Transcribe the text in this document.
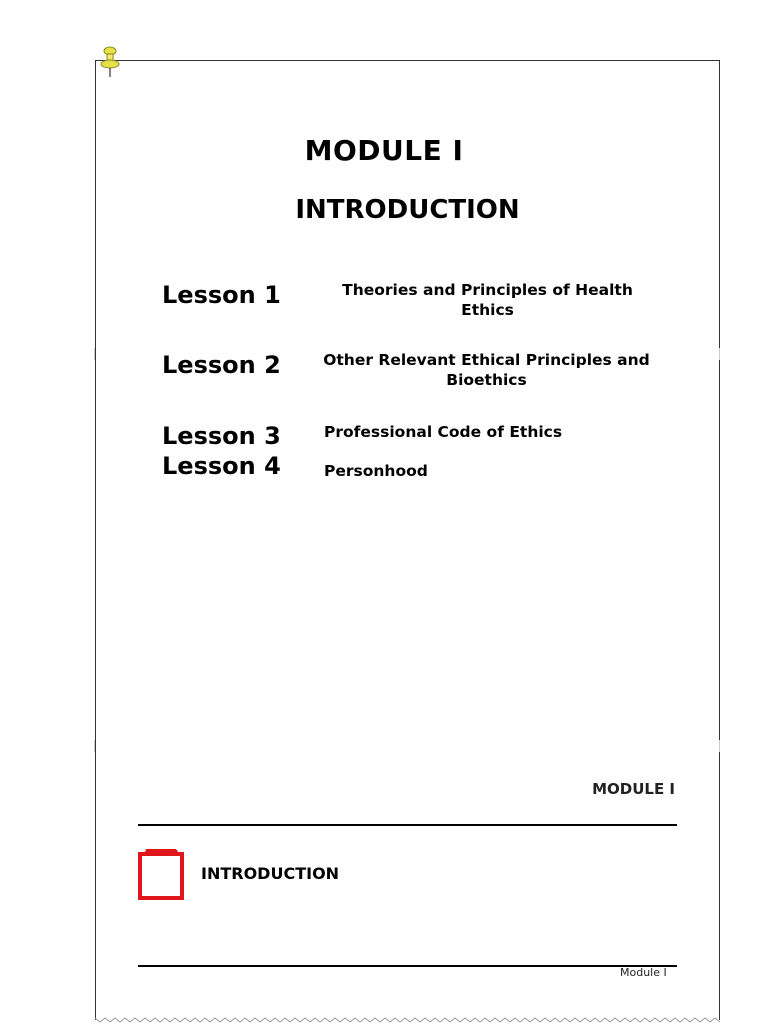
MODULE I
INTRODUCTION
Lesson 1	Theories and Principles of Health
Ethics
Lesson 2	Other Relevant Ethical Principles and
Bioethics
Lesson 3	Professional Code of Ethics
Lesson 4	Personhood
MODULE I
INTRODUCTION
Module I
